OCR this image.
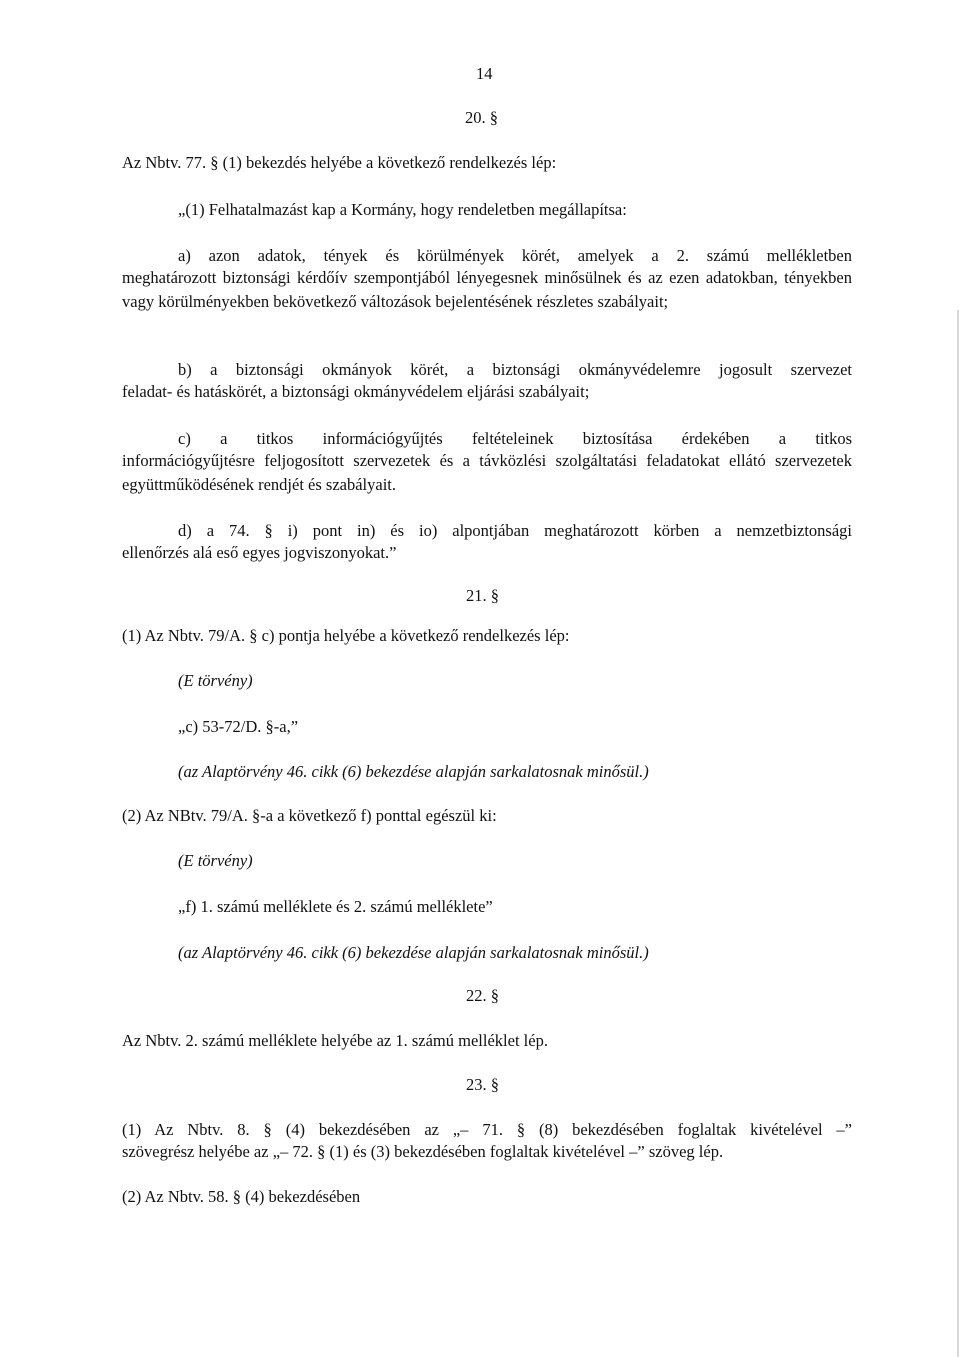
14

20. §

Az Nbtv. 77. § (1) bekezdés helyébe a következő rendelkezés lép:

„(1) Felhatalmazást kap a Kormány, hogy rendeletben megállapítsa:

a) azon adatok, tények és körülmények körét, amelyek a 2. számú mellékletben

meghatározott biztonsági kérdőív szempontjából lényegesnek minősülnek és az ezen adatokban, tényekben vagy körülményekben bekövetkező változások bejelentésének részletes szabályait;

b) a biztonsági okmányok körét, a biztonsági okmányvédelemre jogosult szervezet

feladat- és hatáskörét, a biztonsági okmányvédelem eljárási szabályait;

c) a titkos információgyűjtés feltételeinek biztosítása érdekében a titkos

információgyűjtésre feljogosított szervezetek és a távközlési szolgáltatási feladatokat ellátó szervezetek együttműködésének rendjét és szabályait.

d) a 74. § i) pont in) és io) alpontjában meghatározott körben a nemzetbiztonsági

ellenőrzés alá eső egyes jogviszonyokat.”

21. §

(1) Az Nbtv. 79/A. § c) pontja helyébe a következő rendelkezés lép:

(E törvény)

„c) 53-72/D. §-a,”

(az Alaptörvény 46. cikk (6) bekezdése alapján sarkalatosnak minősül.)

(2) Az NBtv. 79/A. §-a a következő f) ponttal egészül ki:

(E törvény)

„f) 1. számú melléklete és 2. számú melléklete”

(az Alaptörvény 46. cikk (6) bekezdése alapján sarkalatosnak minősül.)

22. §

Az Nbtv. 2. számú melléklete helyébe az 1. számú melléklet lép.

23. §

(1) Az Nbtv. 8. § (4) bekezdésében az „– 71. § (8) bekezdésében foglaltak kivételével –”

szövegrész helyébe az „– 72. § (1) és (3) bekezdésében foglaltak kivételével –” szöveg lép.

(2) Az Nbtv. 58. § (4) bekezdésében
